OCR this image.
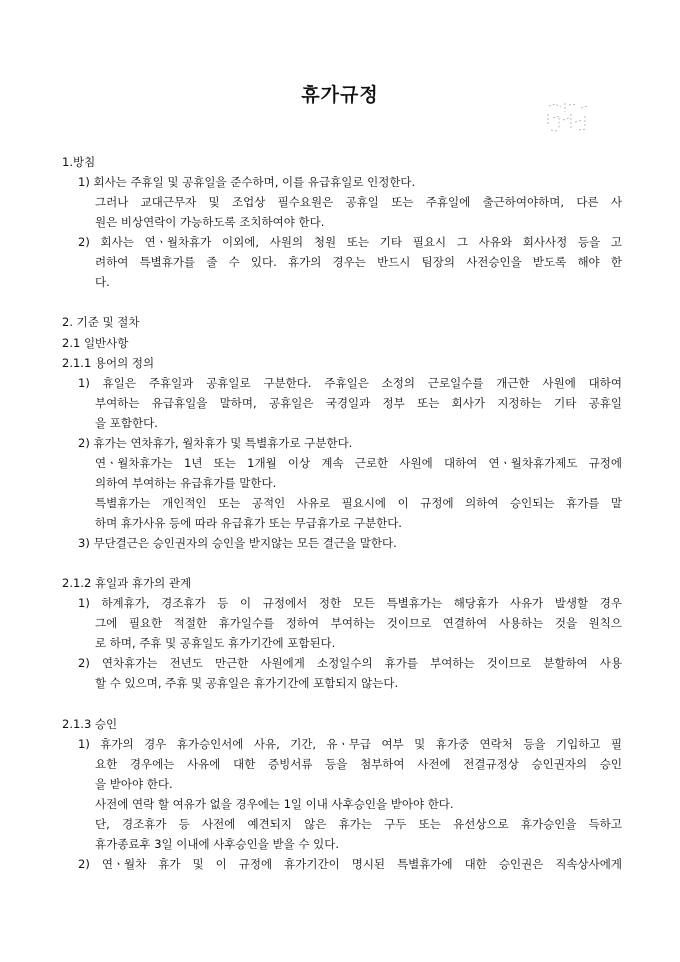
휴가규정
1.방침
2. 기준 및 절차
2.1 일반사항
2.1.1 용어의 정의
2.1.2 휴일과 휴가의 관계
2.1.3 승인
1) 회사는 주휴일 및 공휴일을 준수하며, 이를 유급휴일로 인정한다.
그러나 교대근무자 및 조업상 필수요원은 공휴일 또는 주휴일에 출근하여야하며, 다른 사
원은 비상연락이 가능하도록 조치하여야 한다.
2) 회사는 연ㆍ월차휴가 이외에, 사원의 청원 또는 기타 필요시 그 사유와 회사사정 등을 고
려하여 특별휴가를 줄 수 있다. 휴가의 경우는 반드시 팀장의 사전승인을 받도록 해야 한
다.
1) 휴일은 주휴일과 공휴일로 구분한다. 주휴일은 소정의 근로일수를 개근한 사원에 대하여
부여하는 유급휴일을 말하며, 공휴일은 국경일과 정부 또는 회사가 지정하는 기타 공휴일
을 포함한다.
2) 휴가는 연차휴가, 월차휴가 및 특별휴가로 구분한다.
연ㆍ월차휴가는 1년 또는 1개월 이상 계속 근로한 사원에 대하여 연ㆍ월차휴가제도 규정에
의하여 부여하는 유급휴가를 말한다.
특별휴가는 개인적인 또는 공적인 사유로 필요시에 이 규정에 의하여 승인되는 휴가를 말
하며 휴가사유 등에 따라 유급휴가 또는 무급휴가로 구분한다.
3) 무단결근은 승인권자의 승인을 받지않는 모든 결근을 말한다.
1) 하계휴가, 경조휴가 등 이 규정에서 정한 모든 특별휴가는 해당휴가 사유가 발생할 경우
그에 필요한 적절한 휴가일수를 정하여 부여하는 것이므로 연결하여 사용하는 것을 원칙으
로 하며, 주휴 및 공휴일도 휴가기간에 포함된다.
2) 연차휴가는 전년도 만근한 사원에게 소정일수의 휴가를 부여하는 것이므로 분할하여 사용
할 수 있으며, 주휴 및 공휴일은 휴가기간에 포함되지 않는다.
1) 휴가의 경우 휴가승인서에 사유, 기간, 유ㆍ무급 여부 및 휴가중 연락처 등을 기입하고 필
요한 경우에는 사유에 대한 증빙서류 등을 첨부하여 사전에 전결규정상 승인권자의 승인
을 받아야 한다.
사전에 연락 할 여유가 없을 경우에는 1일 이내 사후승인을 받아야 한다.
단, 경조휴가 등 사전에 예견되지 않은 휴가는 구두 또는 유선상으로 휴가승인을 득하고
휴가종료후 3일 이내에 사후승인을 받을 수 있다.
2) 연ㆍ월차 휴가 및 이 규정에 휴가기간이 명시된 특별휴가에 대한 승인권은 직속상사에게
